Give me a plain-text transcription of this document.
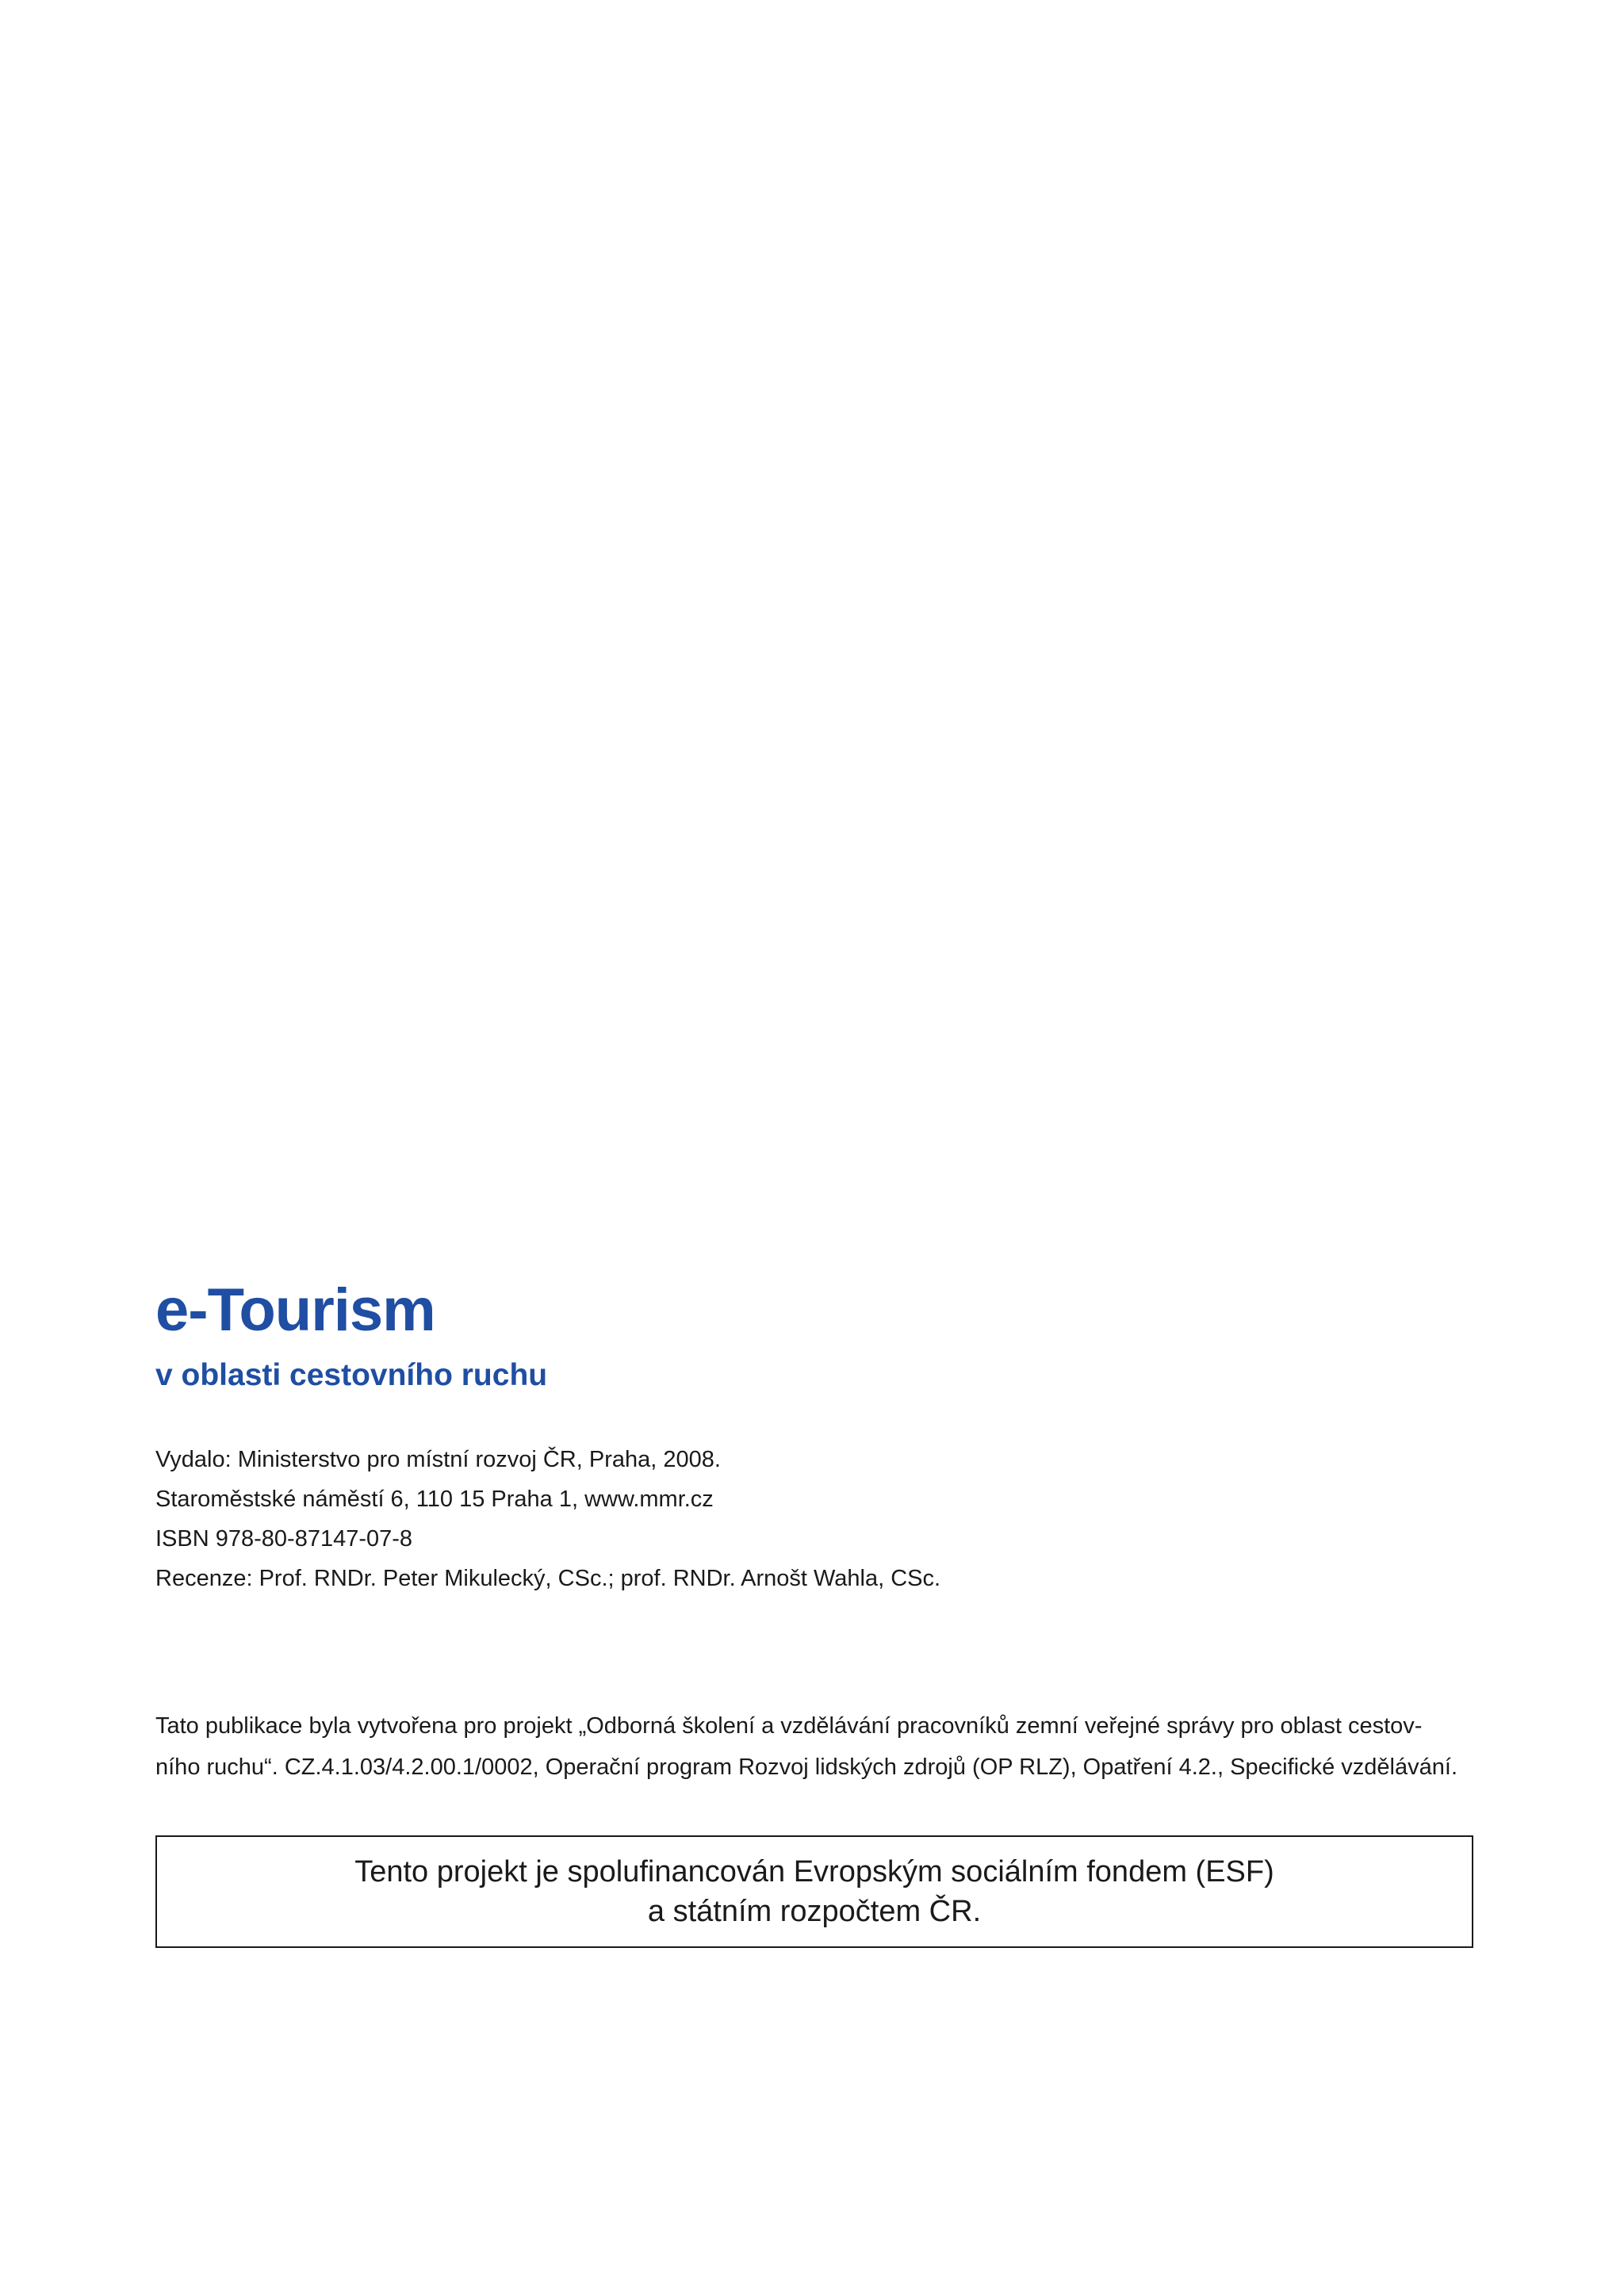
e-Tourism
v oblasti cestovního ruchu
Vydalo: Ministerstvo pro místní rozvoj ČR, Praha, 2008.
Staroměstské náměstí 6, 110 15 Praha 1, www.mmr.cz
ISBN 978-80-87147-07-8
Recenze: Prof. RNDr. Peter Mikulecký, CSc.; prof. RNDr. Arnošt Wahla, CSc.
Tato publikace byla vytvořena pro projekt „Odborná školení a vzdělávání pracovníků zemní veřejné správy pro oblast cestov-
ního ruchu“. CZ.4.1.03/4.2.00.1/0002, Operační program Rozvoj lidských zdrojů (OP RLZ), Opatření 4.2., Specifické vzdělávání.
Tento projekt je spolufinancován Evropským sociálním fondem (ESF)
a státním rozpočtem ČR.
